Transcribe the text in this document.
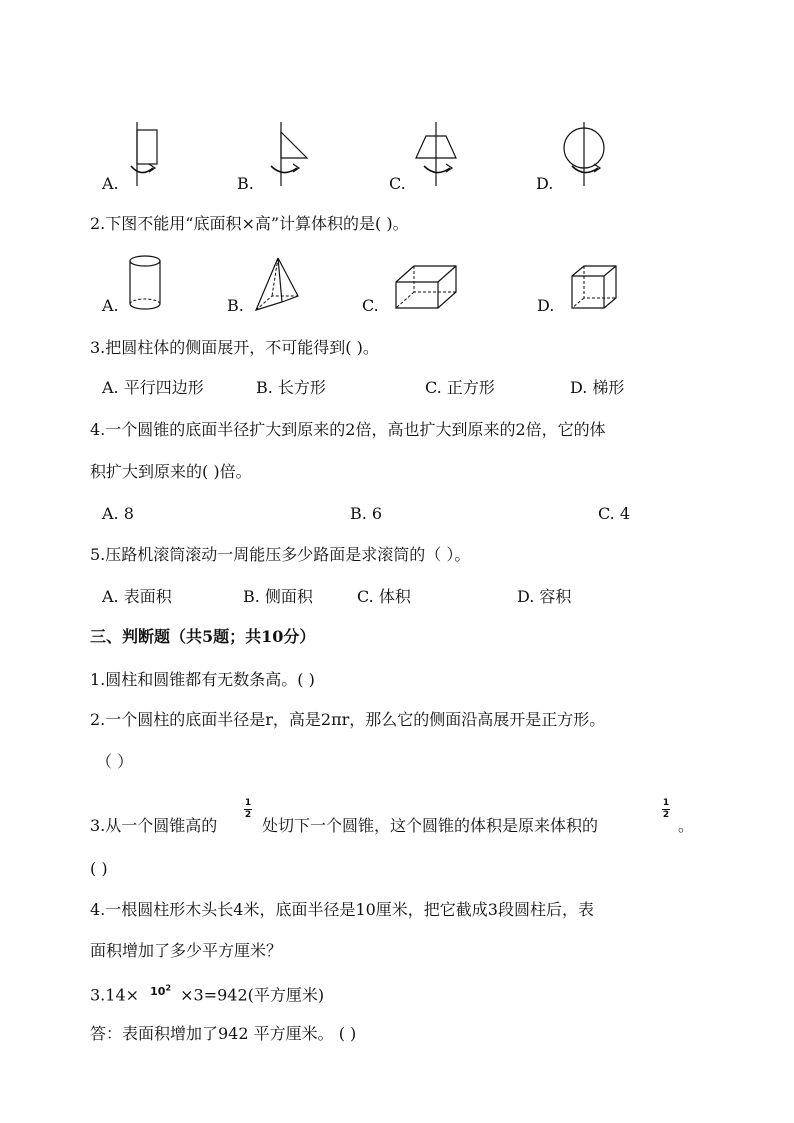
A.	B.	C.	D.
2.下图不能用“底面积×高”计算体积的是( )。
A.	B.	C.	D.
3.把圆柱体的侧面展开，不可能得到( )。
A. 平行四边形	B. 长方形	C. 正方形	D. 梯形
4.一个圆锥的底面半径扩大到原来的2倍，高也扩大到原来的2倍，它的体
积扩大到原来的( )倍。
A. 8	B. 6	C. 4
5.压路机滚筒滚动一周能压多少路面是求滚筒的（ ）。
A. 表面积	B. 侧面积	C. 体积	D. 容积
三、判断题（共5题；共10分）
1.圆柱和圆锥都有无数条高。( )
2.一个圆柱的底面半径是r，高是2πr，那么它的侧面沿高展开是正方形。
（ ）
3.从一个圆锥高的
1
2
处切下一个圆锥，这个圆锥的体积是原来体积的
1
2
。
( )
4.一根圆柱形木头长4米，底面半径是10厘米，把它截成3段圆柱后，表
面积增加了多少平方厘米？
3.14× $^{10^2}$ ×3=942(平方厘米)
答：表面积增加了942 平方厘米。 ( )
